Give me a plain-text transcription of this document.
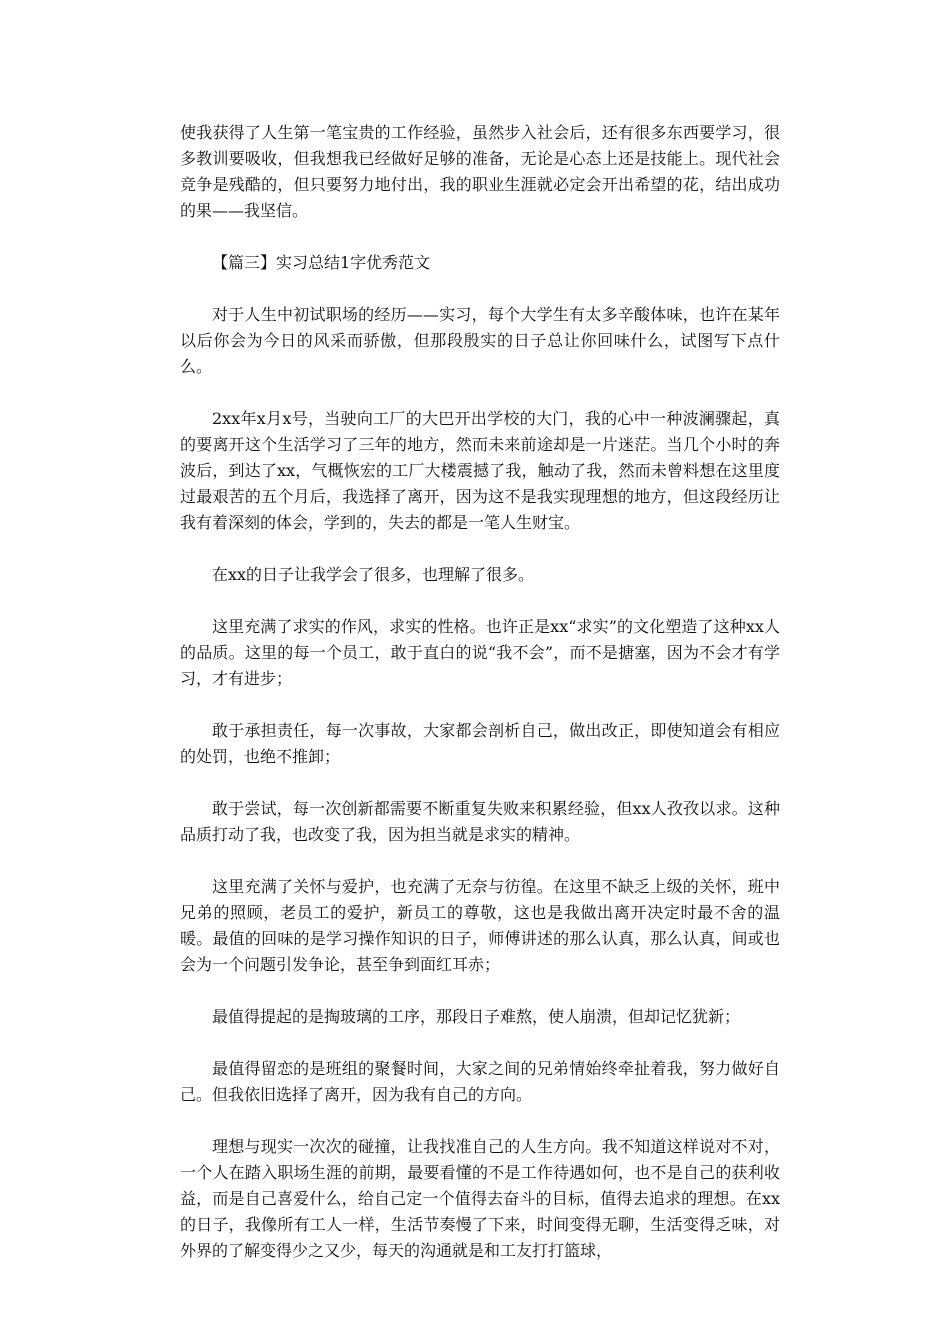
使我获得了人生第一笔宝贵的工作经验，虽然步入社会后，还有很多东西要学习，很多教训要吸收，但我想我已经做好足够的准备，无论是心态上还是技能上。现代社会竞争是残酷的，但只要努力地付出，我的职业生涯就必定会开出希望的花，结出成功的果——我坚信。

【篇三】实习总结1字优秀范文

对于人生中初试职场的经历——实习，每个大学生有太多辛酸体味，也许在某年以后你会为今日的风采而骄傲，但那段殷实的日子总让你回味什么，试图写下点什么。

2xx年x月x号，当驶向工厂的大巴开出学校的大门，我的心中一种波澜骤起，真的要离开这个生活学习了三年的地方，然而未来前途却是一片迷茫。当几个小时的奔波后，到达了xx，气概恢宏的工厂大楼震撼了我，触动了我，然而未曾料想在这里度过最艰苦的五个月后，我选择了离开，因为这不是我实现理想的地方，但这段经历让我有着深刻的体会，学到的，失去的都是一笔人生财宝。

在xx的日子让我学会了很多，也理解了很多。

这里充满了求实的作风，求实的性格。也许正是xx“求实”的文化塑造了这种xx人的品质。这里的每一个员工，敢于直白的说“我不会”，而不是搪塞，因为不会才有学习，才有进步；

敢于承担责任，每一次事故，大家都会剖析自己，做出改正，即使知道会有相应的处罚，也绝不推卸；

敢于尝试，每一次创新都需要不断重复失败来积累经验，但xx人孜孜以求。这种品质打动了我，也改变了我，因为担当就是求实的精神。

这里充满了关怀与爱护，也充满了无奈与彷徨。在这里不缺乏上级的关怀，班中兄弟的照顾，老员工的爱护，新员工的尊敬，这也是我做出离开决定时最不舍的温暖。最值的回味的是学习操作知识的日子，师傅讲述的那么认真，那么认真，间或也会为一个问题引发争论，甚至争到面红耳赤；

最值得提起的是掏玻璃的工序，那段日子难熬，使人崩溃，但却记忆犹新；

最值得留恋的是班组的聚餐时间，大家之间的兄弟情始终牵扯着我，努力做好自己。但我依旧选择了离开，因为我有自己的方向。

理想与现实一次次的碰撞，让我找准自己的人生方向。我不知道这样说对不对，一个人在踏入职场生涯的前期，最要看懂的不是工作待遇如何，也不是自己的获利收益，而是自己喜爱什么，给自己定一个值得去奋斗的目标，值得去追求的理想。在xx的日子，我像所有工人一样，生活节奏慢了下来，时间变得无聊，生活变得乏味，对外界的了解变得少之又少，每天的沟通就是和工友打打篮球，
